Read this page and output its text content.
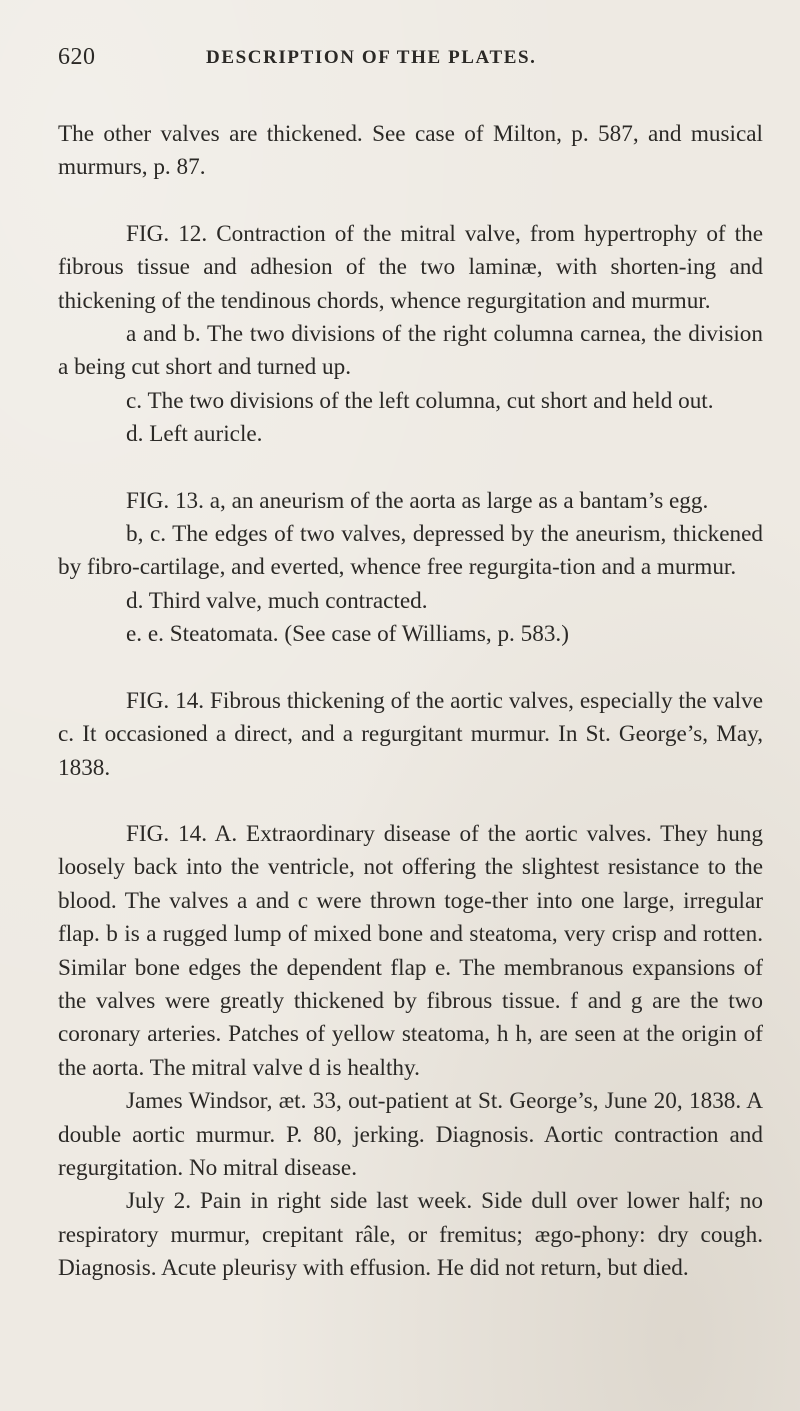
620	DESCRIPTION OF THE PLATES.

The other valves are thickened. See case of Milton, p. 587, and musical murmurs, p. 87.

FIG. 12. Contraction of the mitral valve, from hypertrophy of the fibrous tissue and adhesion of the two laminæ, with shorten-ing and thickening of the tendinous chords, whence regurgitation and murmur.

a and b. The two divisions of the right columna carnea, the division a being cut short and turned up.

c. The two divisions of the left columna, cut short and held out.

d. Left auricle.

FIG. 13. a, an aneurism of the aorta as large as a bantam’s egg.

b, c. The edges of two valves, depressed by the aneurism, thickened by fibro-cartilage, and everted, whence free regurgita-tion and a murmur.

d. Third valve, much contracted.

e. e. Steatomata. (See case of Williams, p. 583.)

FIG. 14. Fibrous thickening of the aortic valves, especially the valve c. It occasioned a direct, and a regurgitant murmur. In St. George’s, May, 1838.

FIG. 14. A. Extraordinary disease of the aortic valves. They hung loosely back into the ventricle, not offering the slightest resistance to the blood. The valves a and c were thrown toge-ther into one large, irregular flap. b is a rugged lump of mixed bone and steatoma, very crisp and rotten. Similar bone edges the dependent flap e. The membranous expansions of the valves were greatly thickened by fibrous tissue. f and g are the two coronary arteries. Patches of yellow steatoma, h h, are seen at the origin of the aorta. The mitral valve d is healthy.

James Windsor, æt. 33, out-patient at St. George’s, June 20, 1838. A double aortic murmur. P. 80, jerking. Diagnosis. Aortic contraction and regurgitation. No mitral disease.

July 2. Pain in right side last week. Side dull over lower half; no respiratory murmur, crepitant râle, or fremitus; ægo-phony: dry cough. Diagnosis. Acute pleurisy with effusion. He did not return, but died.
